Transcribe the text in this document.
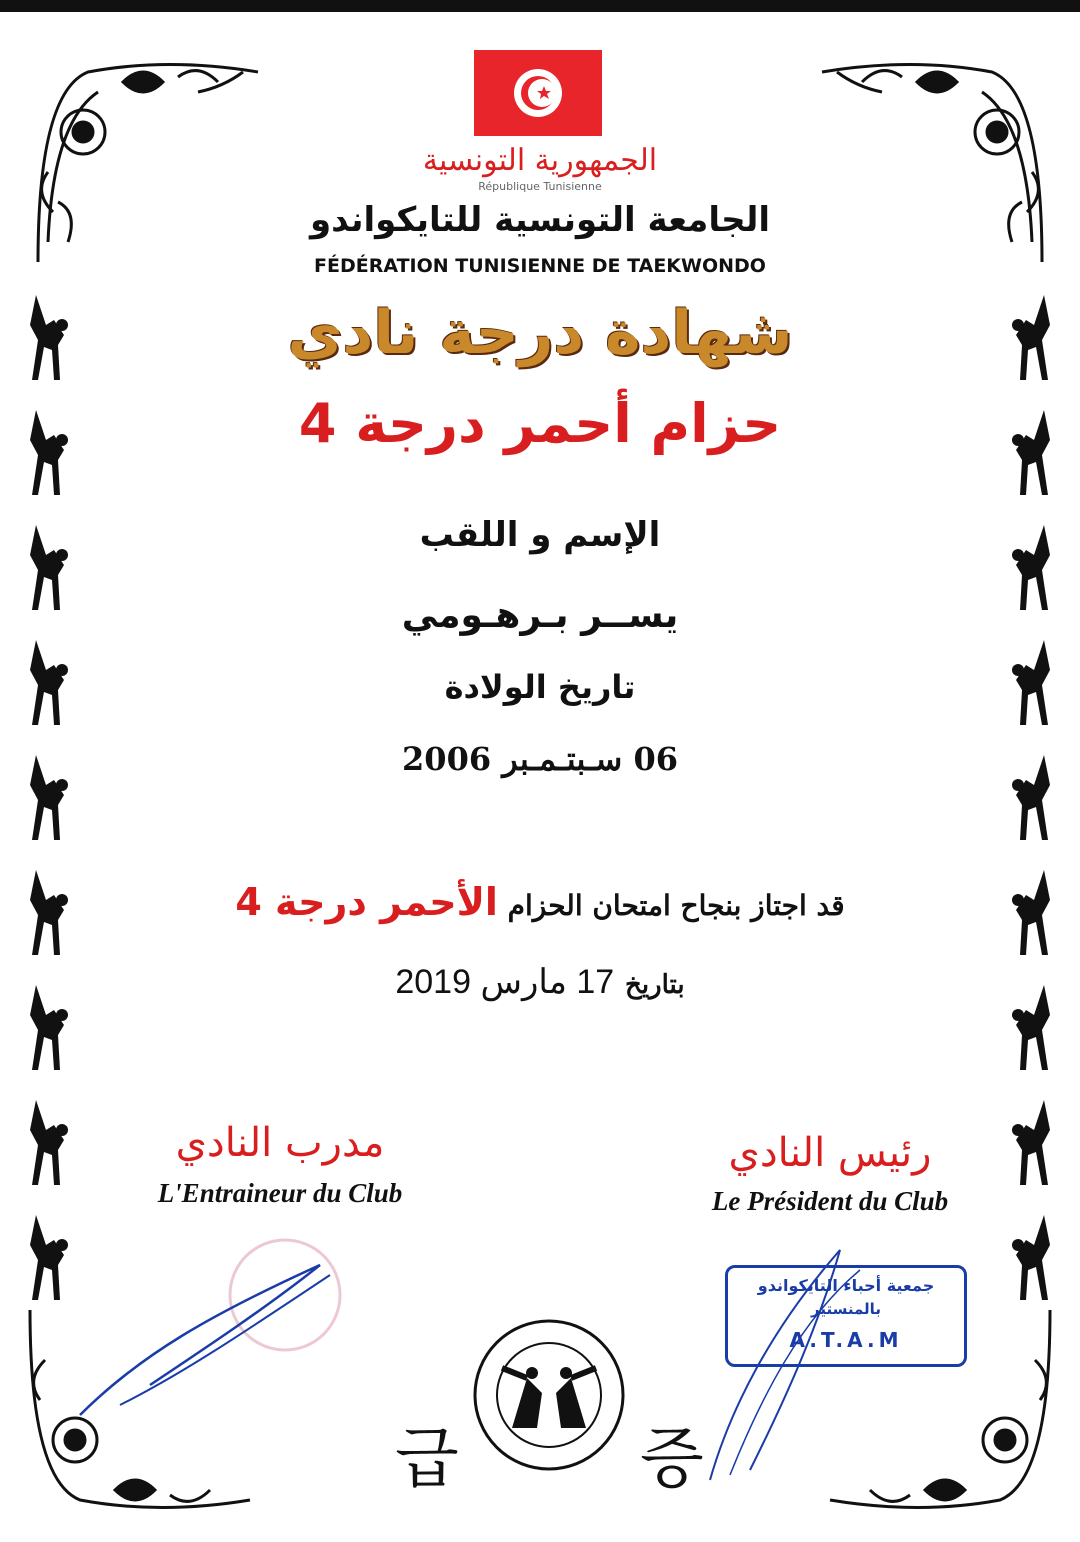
الجمهورية التونسية
République Tunisienne
الجامعة التونسية للتايكواندو
FÉDÉRATION TUNISIENNE DE TAEKWONDO
شهادة درجة نادي
حزام أحمر درجة 4
الإسم و اللقب
يســر بـرهـومي
تاريخ الولادة
06 سـبتـمـبر 2006
قد اجتاز بنجاح امتحان الحزام الأحمر درجة 4
بتاريخ 17 مارس 2019
مدرب النادي
L'Entraineur du Club
رئيس النادي
Le Président du Club
جمعية أحباء التايكواندو
بالمنستير
A.T.A.M
급	증
